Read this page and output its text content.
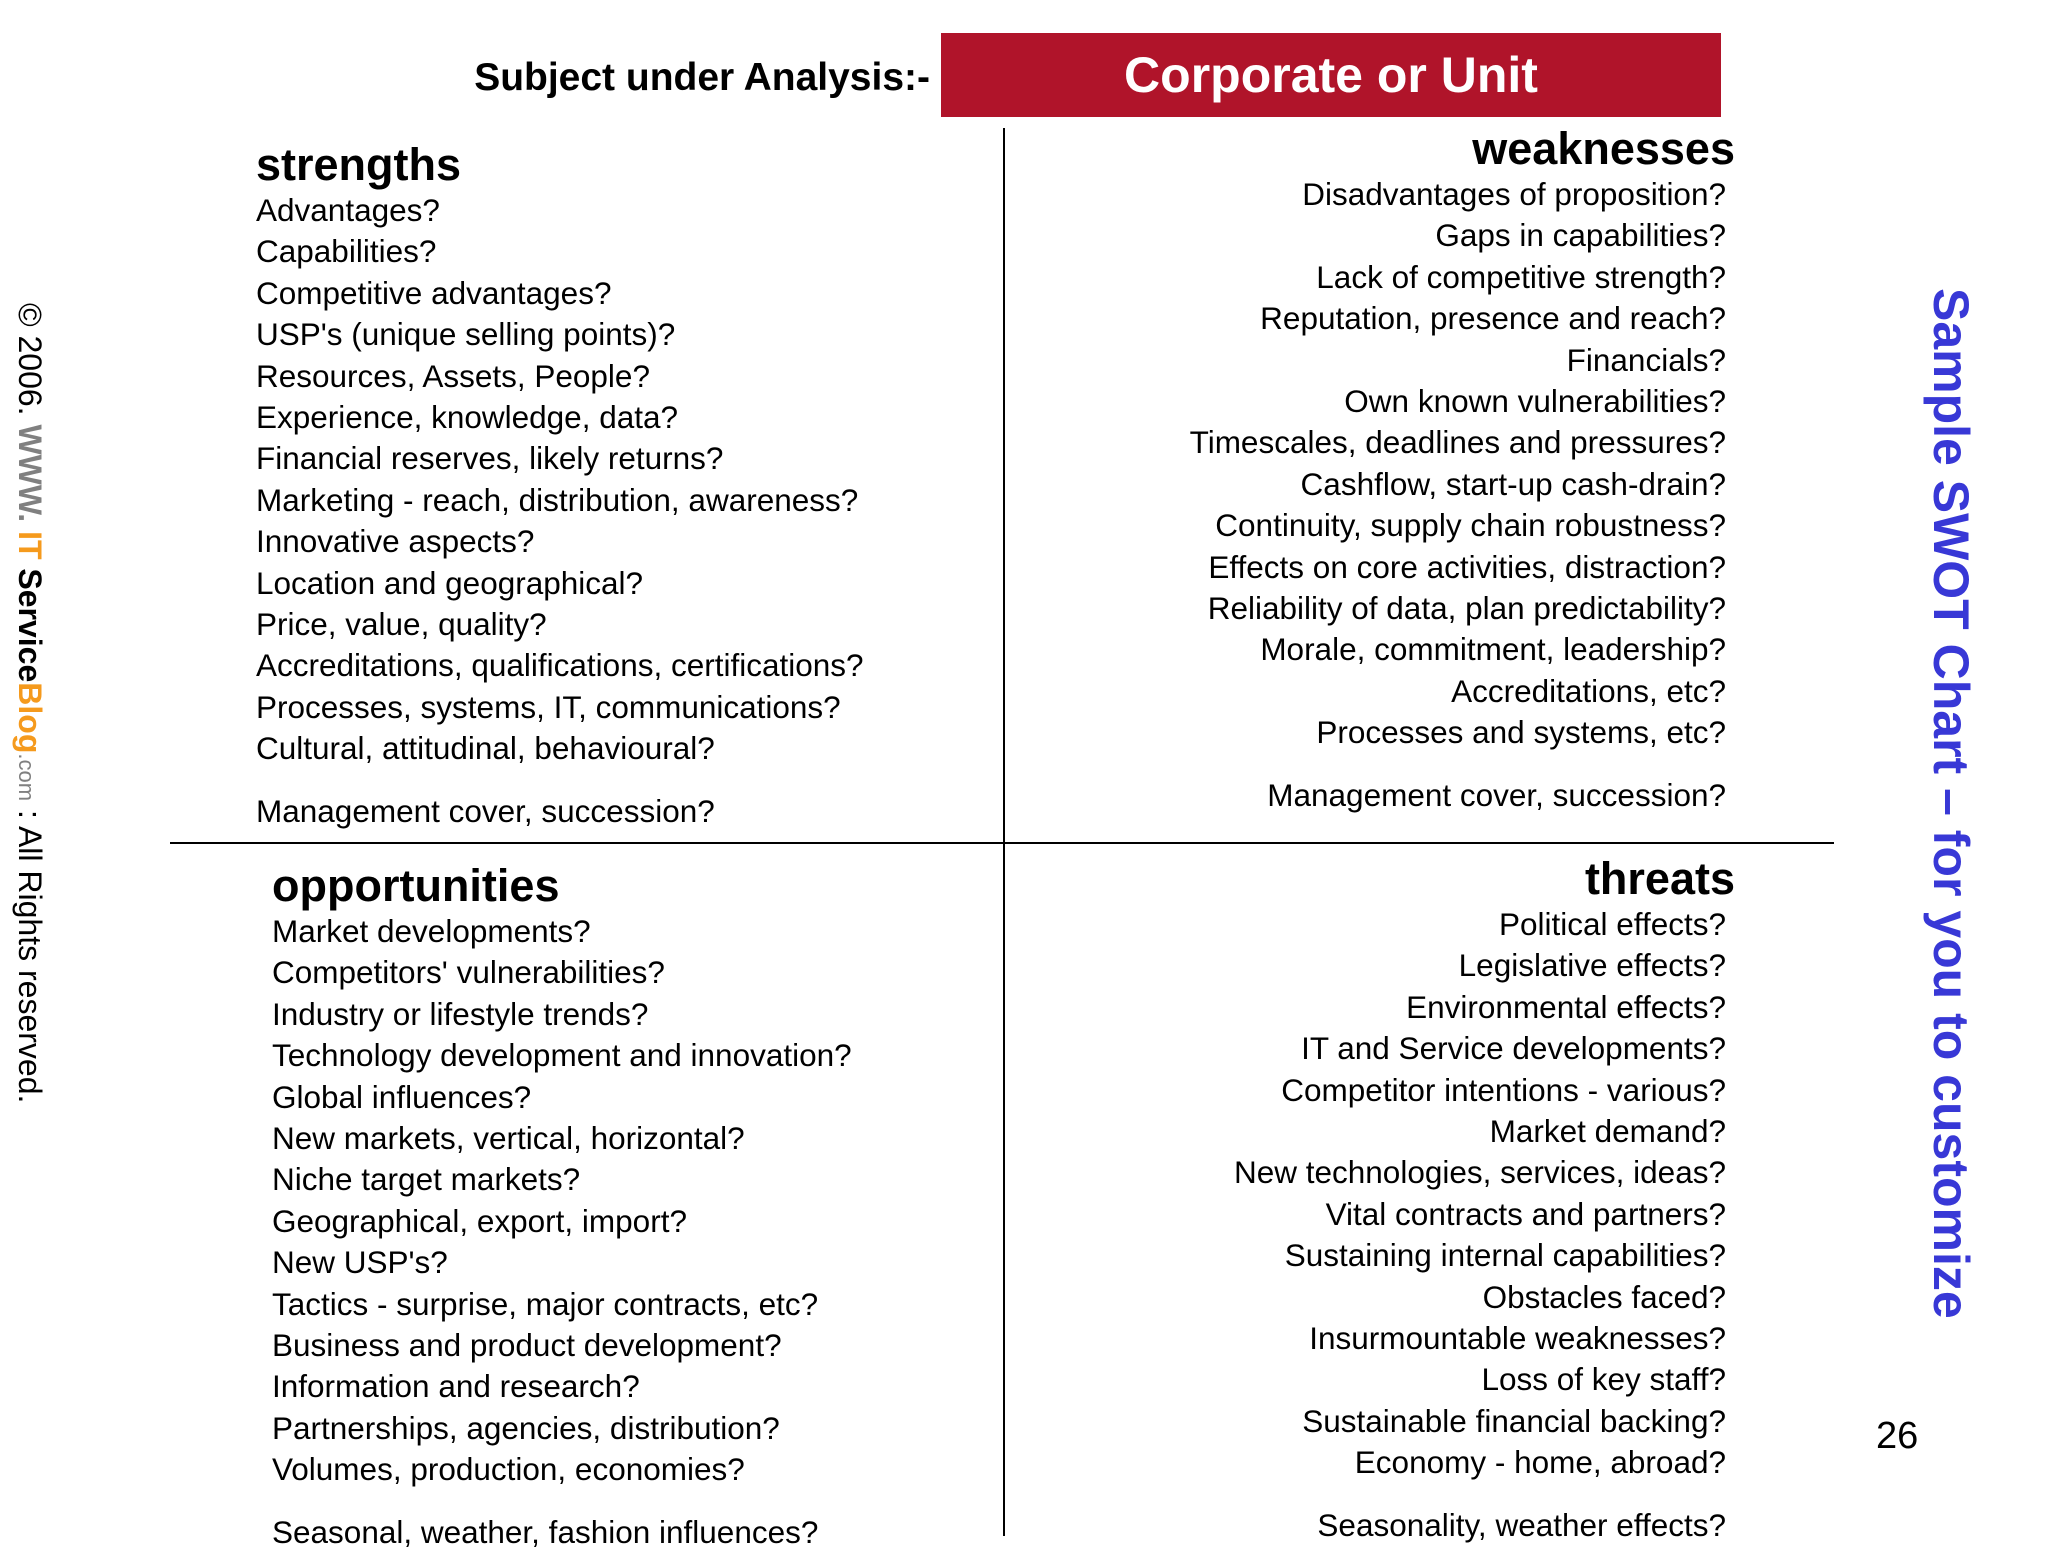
Subject under Analysis:-	Corporate or Unit
strengths
Advantages?
Capabilities?
Competitive advantages?
USP's (unique selling points)?
Resources, Assets, People?
Experience, knowledge, data?
Financial reserves, likely returns?
Marketing - reach, distribution, awareness?
Innovative aspects?
Location and geographical?
Price, value, quality?
Accreditations, qualifications, certifications?
Processes, systems, IT, communications?
Cultural, attitudinal, behavioural?
Management cover, succession?
weaknesses
Disadvantages of proposition?
Gaps in capabilities?
Lack of competitive strength?
Reputation, presence and reach?
Financials?
Own known vulnerabilities?
Timescales, deadlines and pressures?
Cashflow, start-up cash-drain?
Continuity, supply chain robustness?
Effects on core activities, distraction?
Reliability of data, plan predictability?
Morale, commitment, leadership?
Accreditations, etc?
Processes and systems, etc?
Management cover, succession?
opportunities
Market developments?
Competitors' vulnerabilities?
Industry or lifestyle trends?
Technology development and innovation?
Global influences?
New markets, vertical, horizontal?
Niche target markets?
Geographical, export, import?
New USP's?
Tactics - surprise, major contracts, etc?
Business and product development?
Information and research?
Partnerships, agencies, distribution?
Volumes, production, economies?
Seasonal, weather, fashion influences?
threats
Political effects?
Legislative effects?
Environmental effects?
IT and Service developments?
Competitor intentions - various?
Market demand?
New technologies, services, ideas?
Vital contracts and partners?
Sustaining internal capabilities?
Obstacles faced?
Insurmountable weaknesses?
Loss of key staff?
Sustainable financial backing?
Economy - home, abroad?
Seasonality, weather effects?
© 2006. WWW. IT ServiceBlog.com : All Rights reserved.	Sample SWOT Chart – for you to customize
26
